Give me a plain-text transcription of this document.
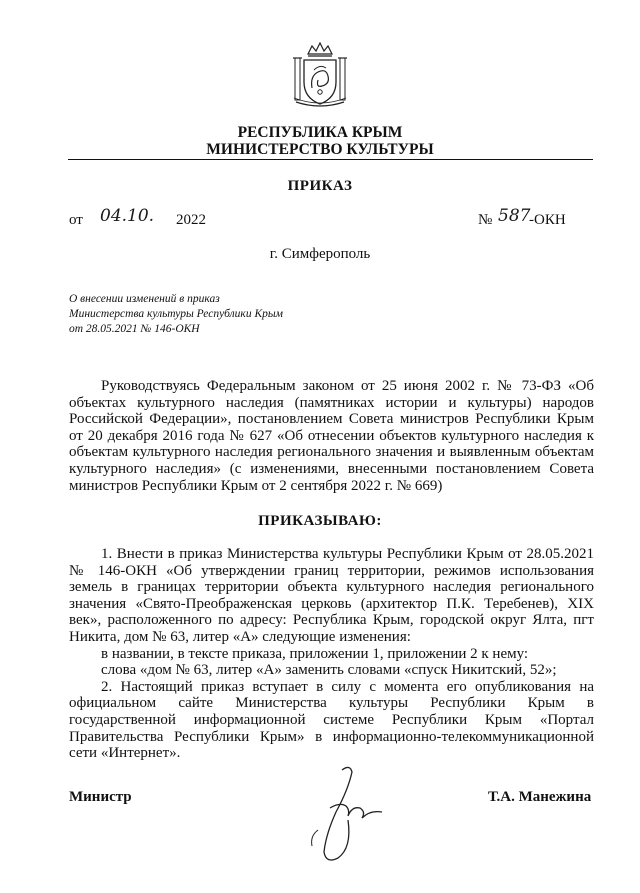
РЕСПУБЛИКА КРЫМ
МИНИСТЕРСТВО КУЛЬТУРЫ
ПРИКАЗ
от 04.10. 2022	№ 587
-ОКН
г. Симферополь
О внесении изменений в приказ
Министерства культуры Республики Крым
от 28.05.2021 № 146-ОКН

Руководствуясь Федеральным законом от 25 июня 2002 г. № 73-ФЗ «Об объектах культурного наследия (памятниках истории и культуры) народов Российской Федерации», постановлением Совета министров Республики Крым от 20 декабря 2016 года № 627 «Об отнесении объектов культурного наследия к объектам культурного наследия регионального значения и выявленным объектам культурного наследия» (с изменениями, внесенными постановлением Совета министров Республики Крым от 2 сентября 2022 г. № 669)

ПРИКАЗЫВАЮ:

1. Внести в приказ Министерства культуры Республики Крым от 28.05.2021 № 146-ОКН «Об утверждении границ территории, режимов использования земель в границах территории объекта культурного наследия регионального значения «Свято-Преображенская церковь (архитектор П.К. Теребенев), XIX век», расположенного по адресу: Республика Крым, городской округ Ялта, пгт Никита, дом № 63, литер «А» следующие изменения:

в названии, в тексте приказа, приложении 1, приложении 2 к нему:

слова «дом № 63, литер «А» заменить словами «спуск Никитский, 52»;

2. Настоящий приказ вступает в силу с момента его опубликования на официальном сайте Министерства культуры Республики Крым в государственной информационной системе Республики Крым «Портал Правительства Республики Крым» в информационно-телекоммуникационной сети «Интернет».

Министр	Т.А. Манежина
